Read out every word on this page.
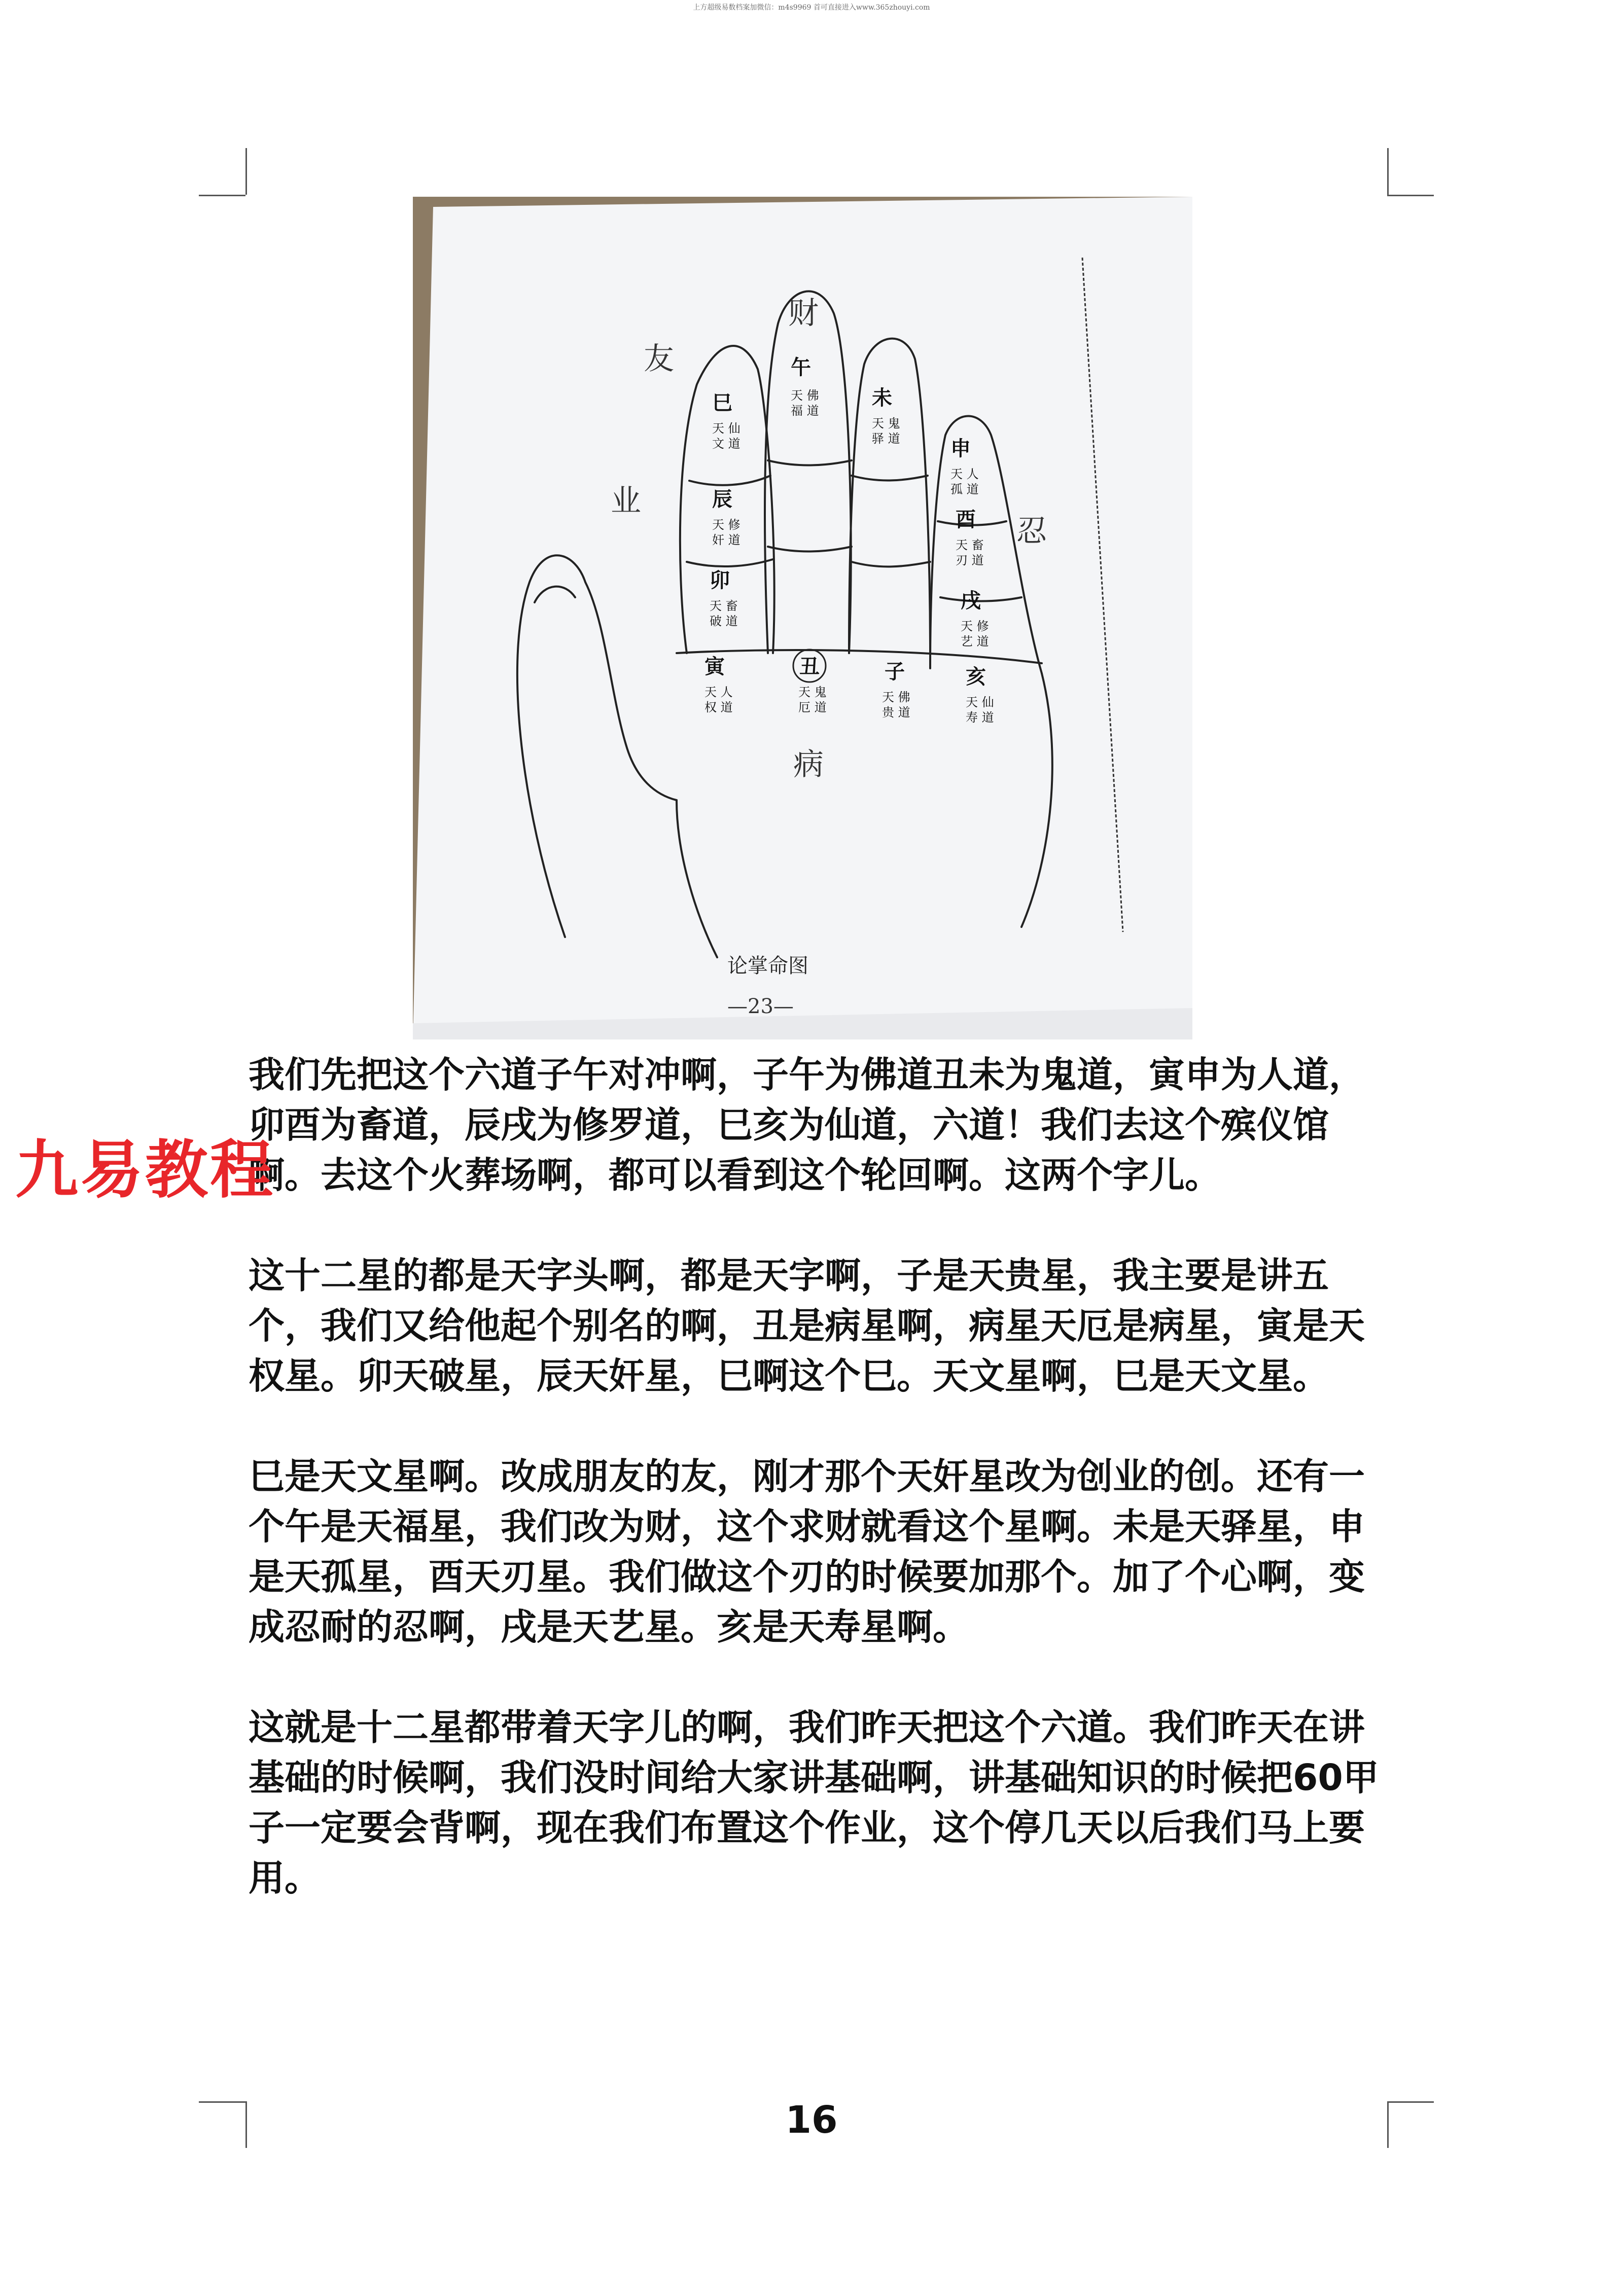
上方超级易数档案加微信：m4s9969 首可直接进入www.365zhouyi.com
巳
天 仙
文 道
午
天 佛
福 道
未
天 鬼
驿 道 申
天 人
孤 道
辰
天 修
奸 道
酉
天 畜
刃 道
卯
天 畜
破 道
戌
天 修
艺 道
寅
天 人
权 道
丑
天 鬼
厄 道
子
天 佛
贵 道
亥
天 仙
寿 道
友
财
业
忍
病
论掌命图
—23—

我们先把这个六道子午对冲啊，子午为佛道丑未为鬼道，寅申为人道，卯酉为畜道，辰戌为修罗道，巳亥为仙道，六道！我们去这个殡仪馆啊。去这个火葬场啊，都可以看到这个轮回啊。这两个字儿。

这十二星的都是天字头啊，都是天字啊，子是天贵星，我主要是讲五个，我们又给他起个别名的啊，丑是病星啊，病星天厄是病星，寅是天权星。卯天破星，辰天奸星，巳啊这个巳。天文星啊，巳是天文星。

巳是天文星啊。改成朋友的友，刚才那个天奸星改为创业的创。还有一个午是天福星，我们改为财，这个求财就看这个星啊。未是天驿星，申是天孤星，酉天刃星。我们做这个刃的时候要加那个。加了个心啊，变成忍耐的忍啊，戌是天艺星。亥是天寿星啊。

这就是十二星都带着天字儿的啊，我们昨天把这个六道。我们昨天在讲基础的时候啊，我们没时间给大家讲基础啊，讲基础知识的时候把60甲子一定要会背啊，现在我们布置这个作业，这个停几天以后我们马上要用。

九易教程
16
